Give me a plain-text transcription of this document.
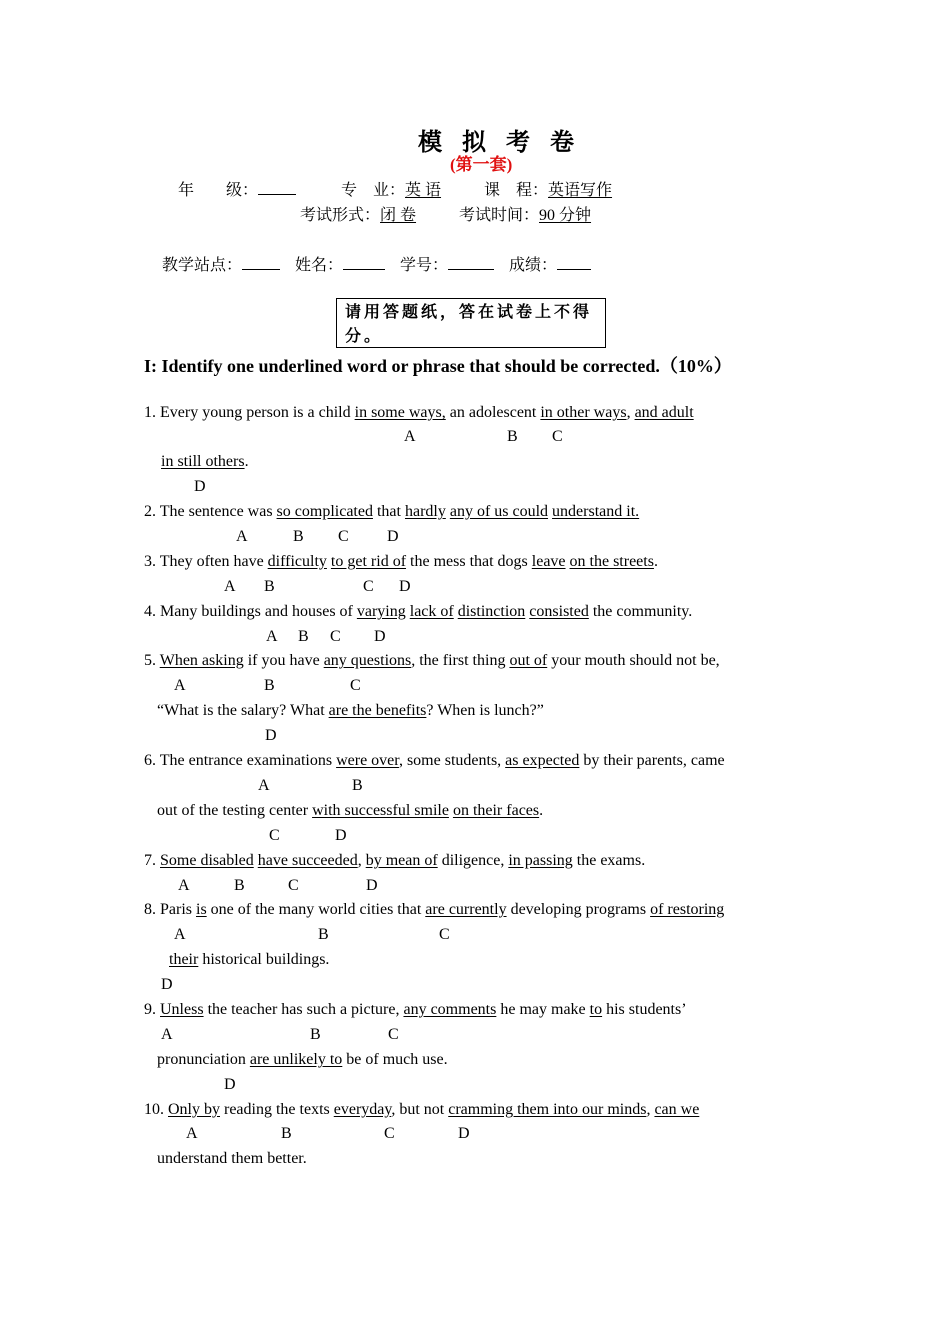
模 拟 考 卷
(第一套)
年　　级：	专　业：英 语	课　程：英语写作
考试形式：闭 卷	考试时间：90 分钟
教学站点：	姓名：	学号：	成绩：
请用答题纸，答在试卷上不得分。
I: Identify one underlined word or phrase that should be corrected.（10%）
1. Every young person is a child in some ways, an adolescent in other ways, and adult
in still others.
2. The sentence was so complicated that hardly any of us could understand it.
3. They often have difficulty to get rid of the mess that dogs leave on the streets.
4. Many buildings and houses of varying lack of distinction consisted the community.
5. When asking if you have any questions, the first thing out of your mouth should not be,
“What is the salary? What are the benefits? When is lunch?”
6. The entrance examinations were over, some students, as expected by their parents, came
out of the testing center with successful smile on their faces.
7. Some disabled have succeeded, by mean of diligence, in passing the exams.
8. Paris is one of the many world cities that are currently developing programs of restoring
their historical buildings.
9. Unless the teacher has such a picture, any comments he may make to his students’
pronunciation are unlikely to be of much use.
10. Only by reading the texts everyday, but not cramming them into our minds, can we
understand them better.
A	B C
D
A	B C D
A B	C D
A B C D
A	B	C
D
A	B
C	D
A	B	C	D
A	B	C
D
A	B	C
D
A	B	C	D
